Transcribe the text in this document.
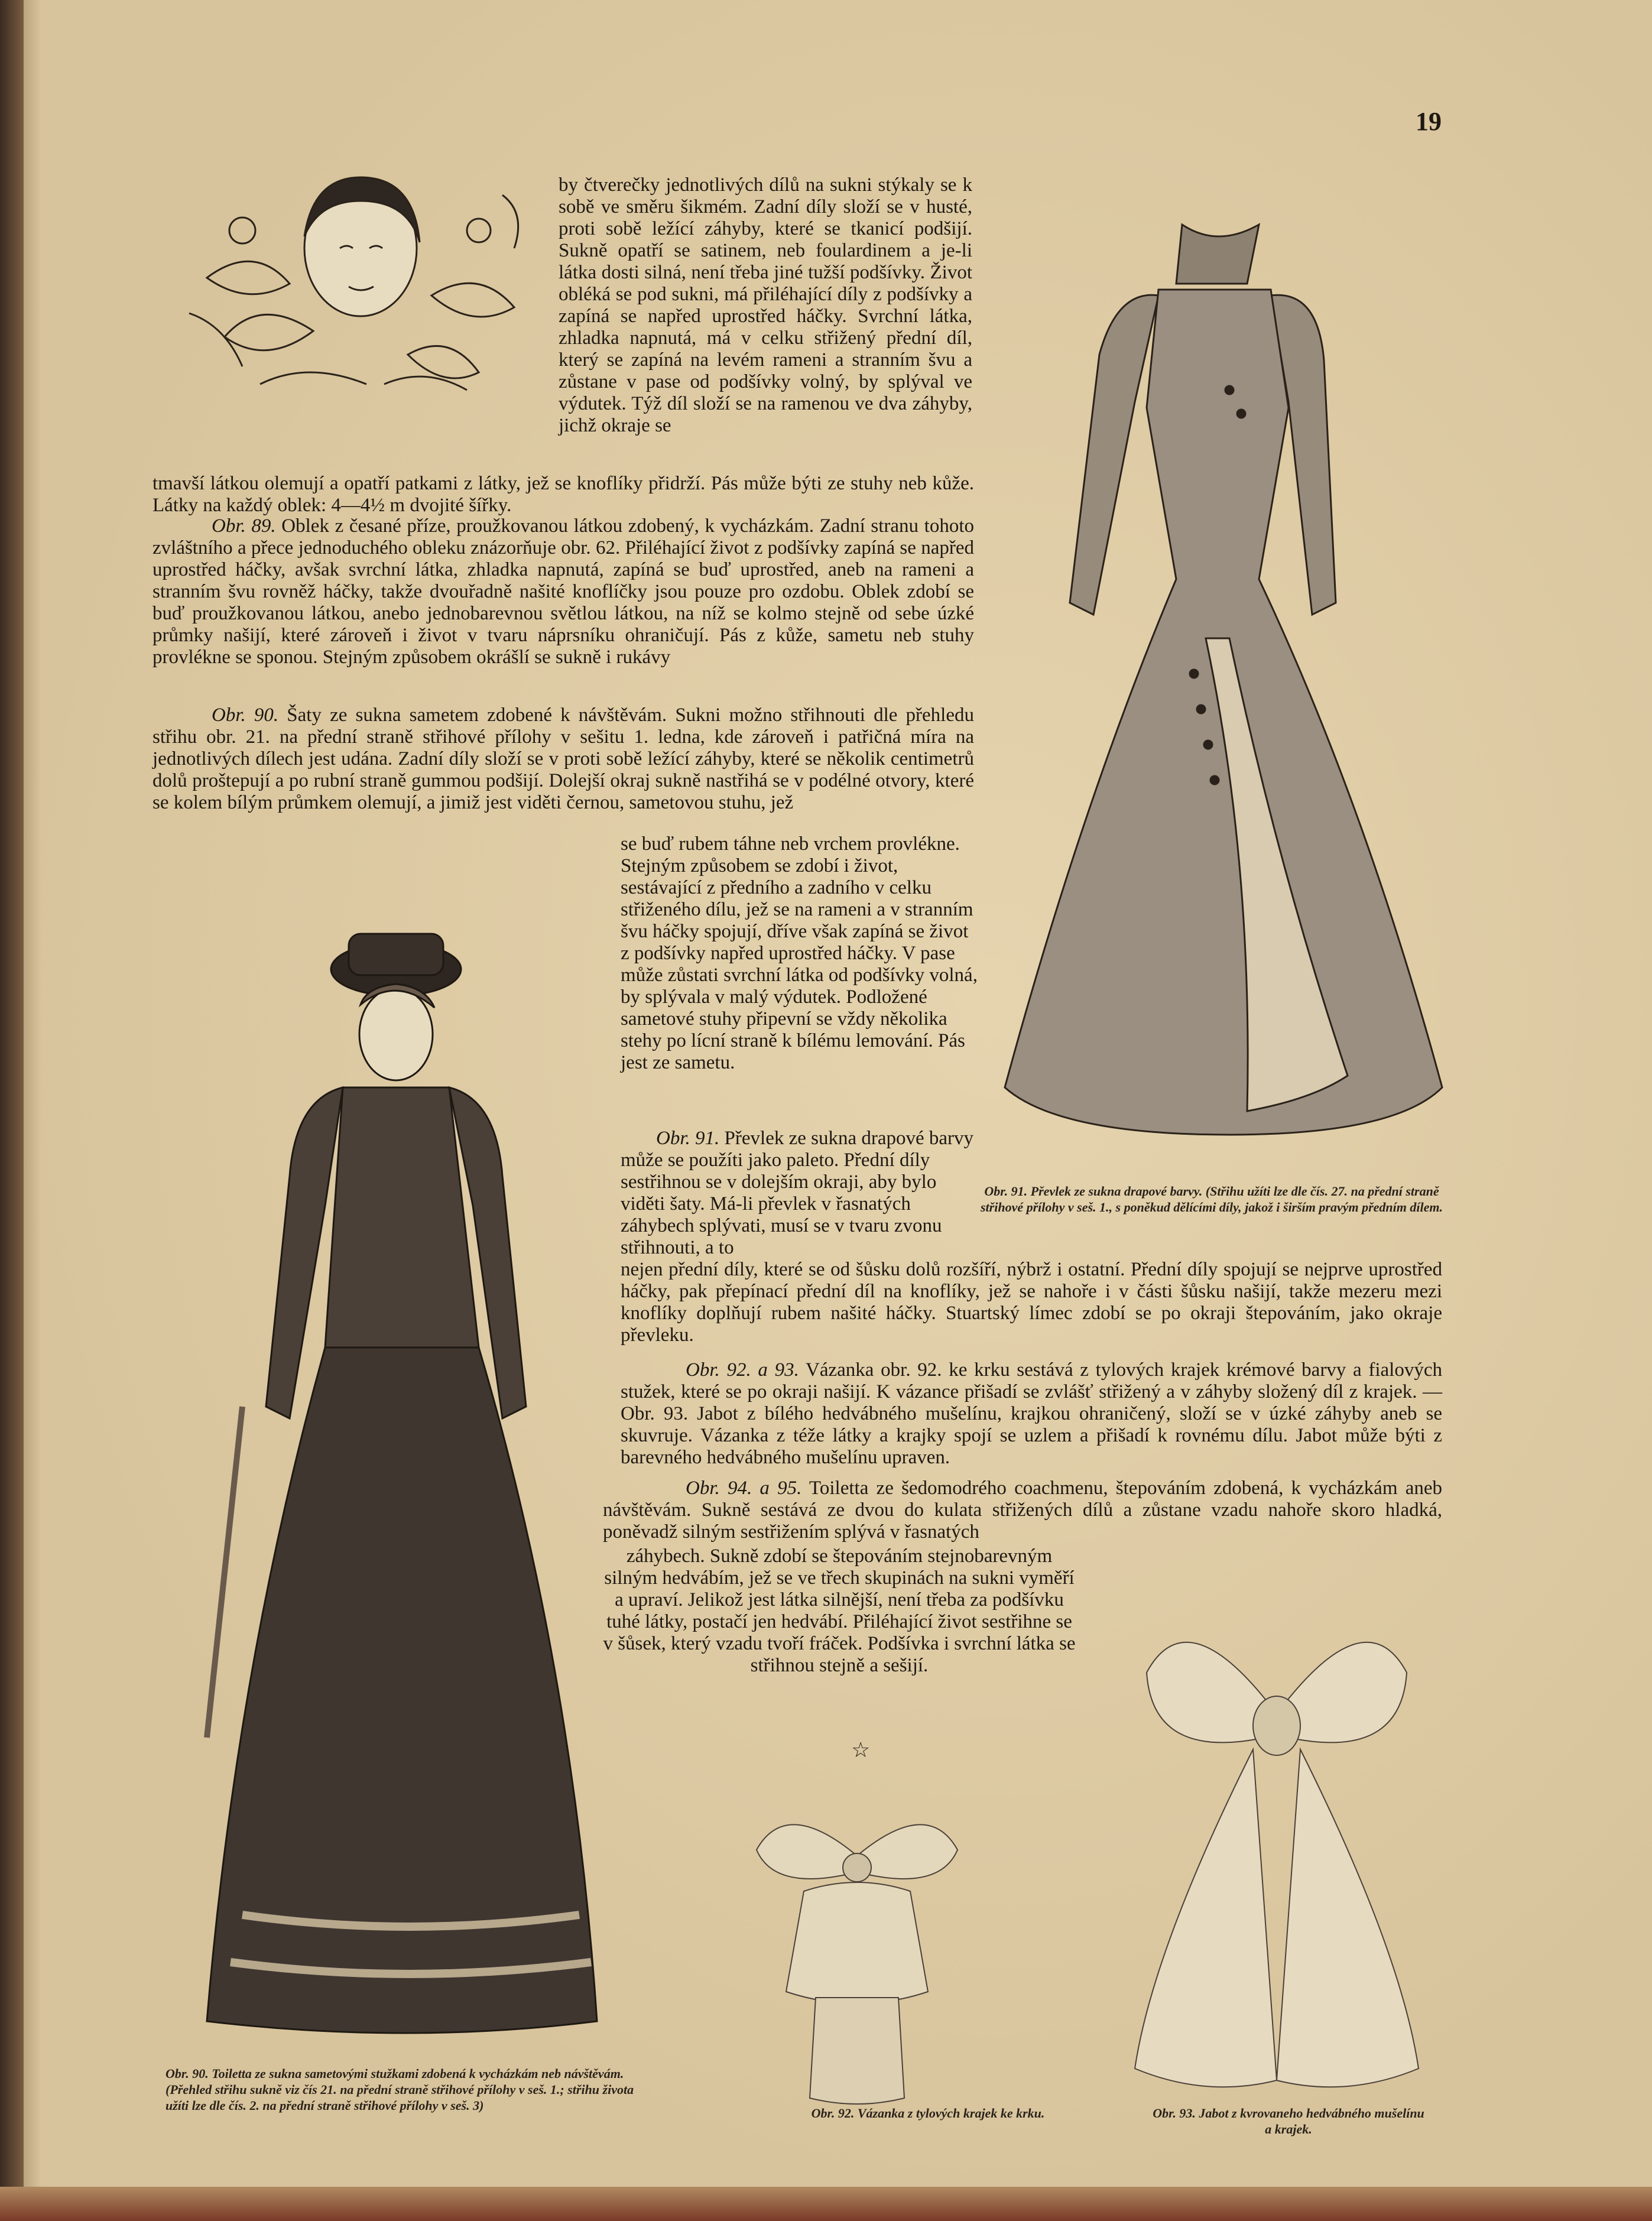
19

by čtverečky jednotlivých dílů na sukni stýkaly se k sobě ve směru šikmém. Zadní díly složí se v husté, proti sobě ležící záhyby, které se tkanicí podšijí. Sukně opatří se satinem, neb foulardinem a je-li látka dosti silná, není třeba jiné tužší podšívky. Život obléká se pod sukni, má přiléhající díly z podšívky a zapíná se napřed uprostřed háčky. Svrchní látka, zhladka napnutá, má v celku střižený přední díl, který se zapíná na levém rameni a stranním švu a zůstane v pase od podšívky volný, by splýval ve výdutek. Týž díl složí se na ramenou ve dva záhyby, jichž okraje se

tmavší látkou olemují a opatří patkami z látky, jež se knoflíky přidrží. Pás může býti ze stuhy neb kůže. Látky na každý oblek: 4—4½ m dvojité šířky.

Obr. 89. Oblek z česané příze, proužkovanou látkou zdobený, k vycházkám. Zadní stranu tohoto zvláštního a přece jednoduchého obleku znázorňuje obr. 62. Přiléhající život z podšívky zapíná se napřed uprostřed háčky, avšak svrchní látka, zhladka napnutá, zapíná se buď uprostřed, aneb na rameni a stranním švu rovněž háčky, takže dvouřadně našité knoflíčky jsou pouze pro ozdobu. Oblek zdobí se buď proužkovanou látkou, anebo jednobarevnou světlou látkou, na níž se kolmo stejně od sebe úzké průmky našijí, které zároveň i život v tvaru náprsníku ohraničují. Pás z kůže, sametu neb stuhy provlékne se sponou. Stejným způsobem okrášlí se sukně i rukávy

Obr. 90. Šaty ze sukna sametem zdobené k návštěvám. Sukni možno střihnouti dle přehledu střihu obr. 21. na přední straně střihové přílohy v sešitu 1. ledna, kde zároveň i patřičná míra na jednotlivých dílech jest udána. Zadní díly složí se v proti sobě ležící záhyby, které se několik centimetrů dolů proštepují a po rubní straně gummou podšijí. Dolejší okraj sukně nastřihá se v podélné otvory, které se kolem bílým průmkem olemují, a jimiž jest viděti černou, sametovou stuhu, jež

Obr. 91. Převlek ze sukna drapové barvy. (Střihu užíti lze dle čís. 27. na přední straně střihové přílohy v seš. 1., s poněkud dělícími díly, jakož i širším pravým předním dílem.

Obr. 90. Toiletta ze sukna sametovými stužkami zdobená k vycházkám neb návštěvám. (Přehled střihu sukně viz čís 21. na přední straně střihové přílohy v seš. 1.; střihu života užíti lze dle čís. 2. na přední straně střihové přílohy v seš. 3)

se buď rubem táhne neb vrchem provlékne. Stejným způsobem se zdobí i život, sestávající z předního a zadního v celku střiženého dílu, jež se na rameni a v stranním švu háčky spojují, dříve však zapíná se život z podšívky napřed uprostřed háčky. V pase může zůstati svrchní látka od podšívky volná, by splývala v malý výdutek. Podložené sametové stuhy připevní se vždy několika stehy po lícní straně k bílému lemování. Pás jest ze sametu.

Obr. 91. Převlek ze sukna drapové barvy může se použíti jako paleto. Přední díly sestřihnou se v dolejším okraji, aby bylo viděti šaty. Má-li převlek v řasnatých záhybech splývati, musí se v tvaru zvonu střihnouti, a to

nejen přední díly, které se od šůsku dolů rozšíří, nýbrž i ostatní. Přední díly spojují se nejprve uprostřed háčky, pak přepínací přední díl na knoflíky, jež se nahoře i v části šůsku našijí, takže mezeru mezi knoflíky doplňují rubem našité háčky. Stuartský límec zdobí se po okraji štepováním, jako okraje převleku.

Obr. 92. a 93. Vázanka obr. 92. ke krku sestává z tylových krajek krémové barvy a fialových stužek, které se po okraji našijí. K vázance přišadí se zvlášť střižený a v záhyby složený díl z krajek. — Obr. 93. Jabot z bílého hedvábného mušelínu, krajkou ohraničený, složí se v úzké záhyby aneb se skuvruje. Vázanka z téže látky a krajky spojí se uzlem a přišadí k rovnému dílu. Jabot může býti z barevného hedvábného mušelínu upraven.

Obr. 94. a 95. Toiletta ze šedomodrého coachmenu, štepováním zdobená, k vycházkám aneb návštěvám. Sukně sestává ze dvou do kulata střižených dílů a zůstane vzadu nahoře skoro hladká, poněvadž silným sestřižením splývá v řasnatých

záhybech. Sukně zdobí se štepováním stejnobarevným silným hedvábím, jež se ve třech skupinách na sukni vyměří a upraví. Jelikož jest látka silnější, není třeba za podšívku tuhé látky, postačí jen hedvábí. Přiléhající život sestřihne se v šůsek, který vzadu tvoří fráček. Podšívka i svrchní látka se střihnou stejně a sešijí.

☆

Obr. 92. Vázanka z tylových krajek ke krku.	Obr. 93. Jabot z kvrovaneho hedvábného mušelínu a krajek.
